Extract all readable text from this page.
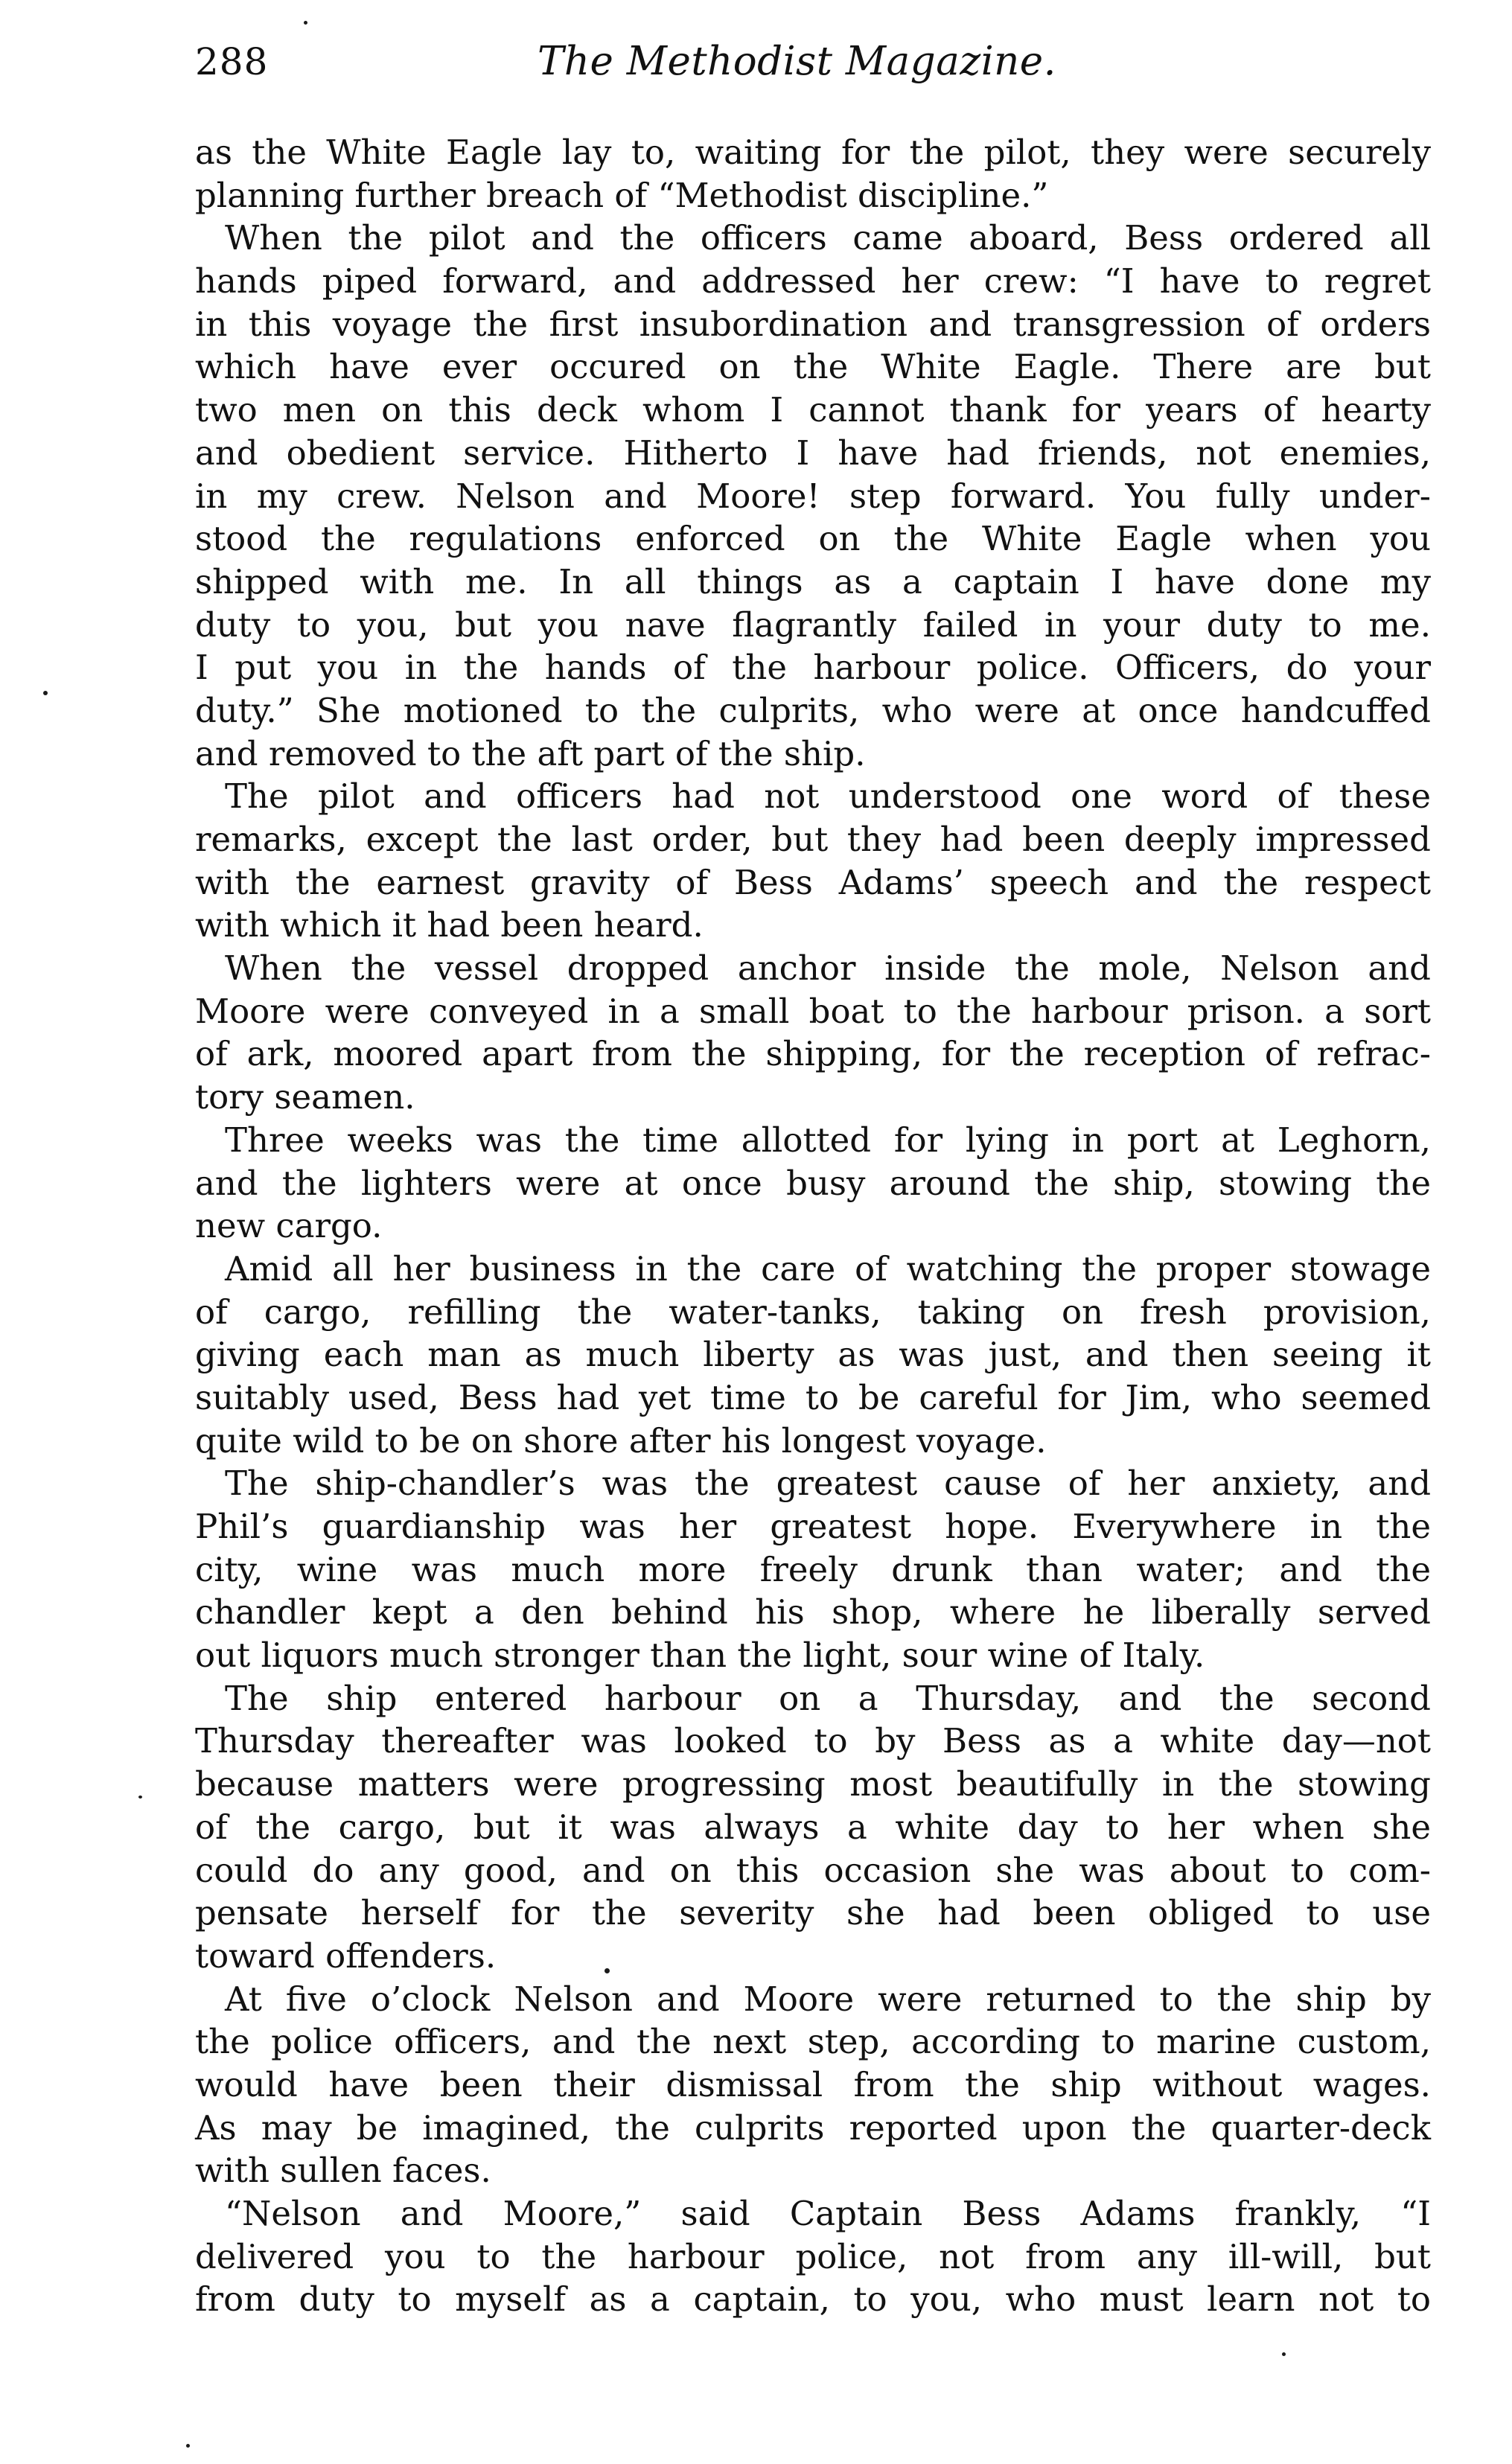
288	The Methodist Magazine.
as the White Eagle lay to, waiting for the pilot, they were securely
planning further breach of “Methodist discipline.”
When the pilot and the officers came aboard, Bess ordered all
hands piped forward, and addressed her crew: “I have to regret
in this voyage the first insubordination and transgression of orders
which have ever occured on the White Eagle. There are but
two men on this deck whom I cannot thank for years of hearty
and obedient service. Hitherto I have had friends, not enemies,
in my crew. Nelson and Moore! step forward. You fully under-
stood the regulations enforced on the White Eagle when you
shipped with me. In all things as a captain I have done my
duty to you, but you nave flagrantly failed in your duty to me.
I put you in the hands of the harbour police. Officers, do your
duty.” She motioned to the culprits, who were at once handcuffed
and removed to the aft part of the ship.
The pilot and officers had not understood one word of these
remarks, except the last order, but they had been deeply impressed
with the earnest gravity of Bess Adams’ speech and the respect
with which it had been heard.
When the vessel dropped anchor inside the mole, Nelson and
Moore were conveyed in a small boat to the harbour prison. a sort
of ark, moored apart from the shipping, for the reception of refrac-
tory seamen.
Three weeks was the time allotted for lying in port at Leghorn,
and the lighters were at once busy around the ship, stowing the
new cargo.
Amid all her business in the care of watching the proper stowage
of cargo, refilling the water-tanks, taking on fresh provision,
giving each man as much liberty as was just, and then seeing it
suitably used, Bess had yet time to be careful for Jim, who seemed
quite wild to be on shore after his longest voyage.
The ship-chandler’s was the greatest cause of her anxiety, and
Phil’s guardianship was her greatest hope. Everywhere in the
city, wine was much more freely drunk than water; and the
chandler kept a den behind his shop, where he liberally served
out liquors much stronger than the light, sour wine of Italy.
The ship entered harbour on a Thursday, and the second
Thursday thereafter was looked to by Bess as a white day—not
because matters were progressing most beautifully in the stowing
of the cargo, but it was always a white day to her when she
could do any good, and on this occasion she was about to com-
pensate herself for the severity she had been obliged to use
toward offenders.
At five o’clock Nelson and Moore were returned to the ship by
the police officers, and the next step, according to marine custom,
would have been their dismissal from the ship without wages.
As may be imagined, the culprits reported upon the quarter-deck
with sullen faces.
“Nelson and Moore,” said Captain Bess Adams frankly, “I
delivered you to the harbour police, not from any ill-will, but
from duty to myself as a captain, to you, who must learn not to
